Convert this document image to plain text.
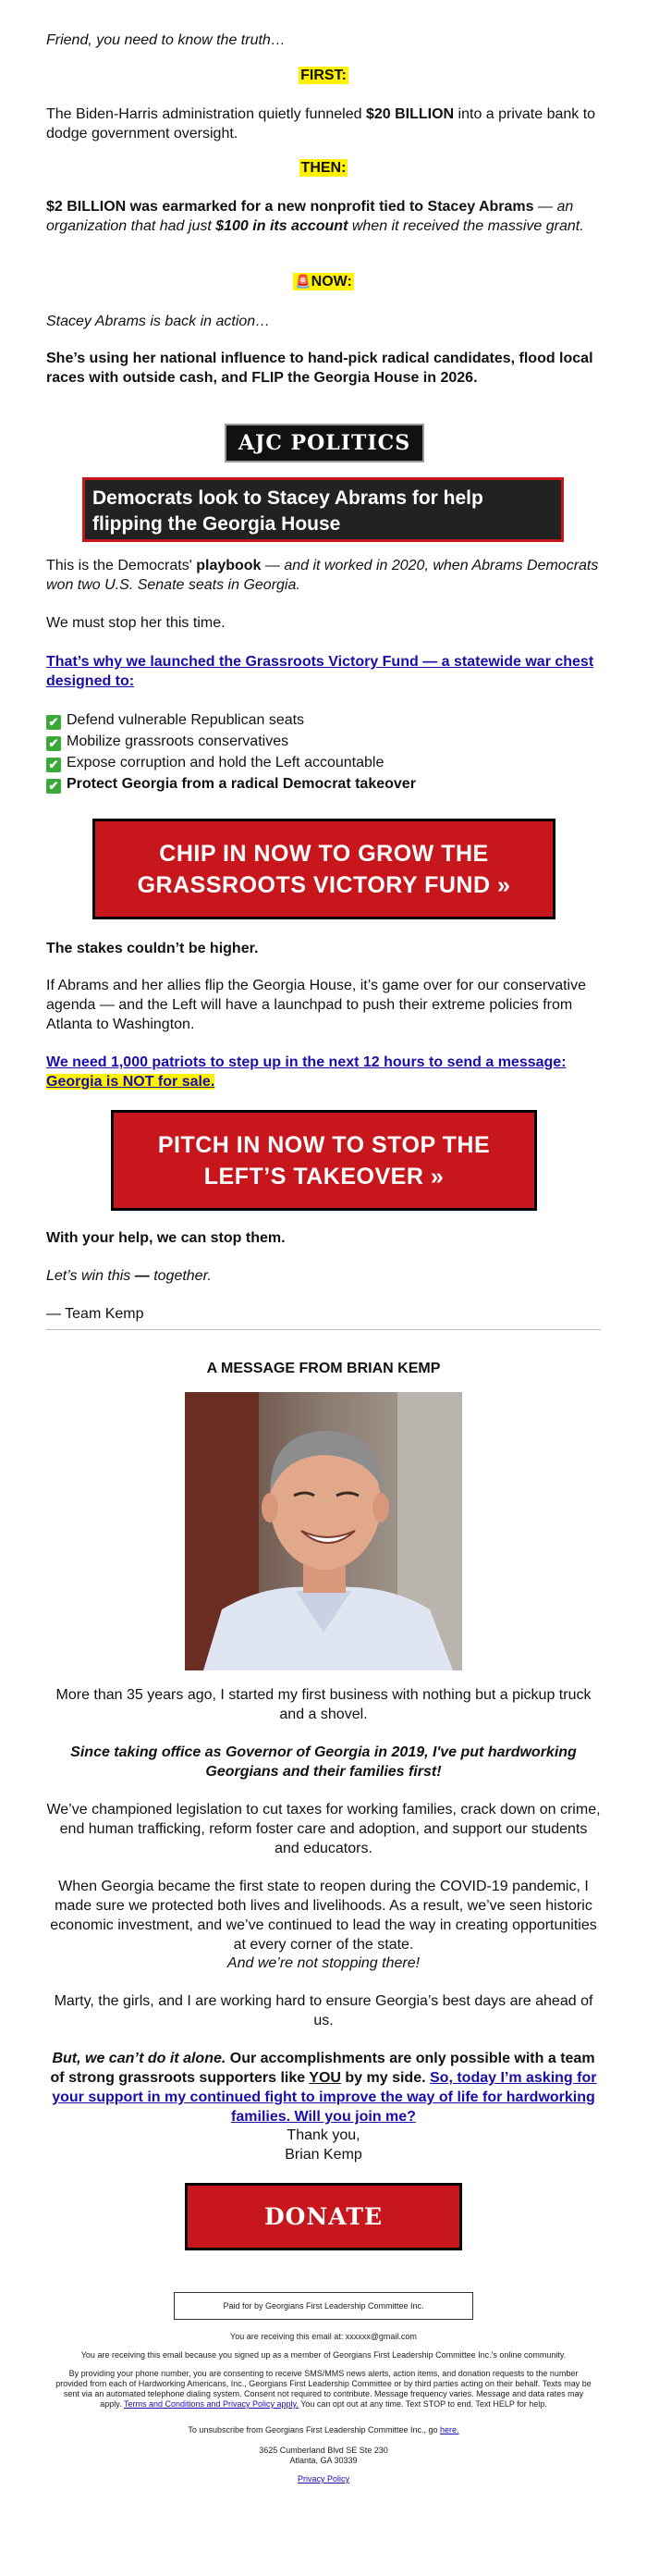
Friend, you need to know the truth…

FIRST:

The Biden-Harris administration quietly funneled $20 BILLION into a private bank to dodge government oversight.

THEN:

$2 BILLION was earmarked for a new nonprofit tied to Stacey Abrams — an organization that had just $100 in its account when it received the massive grant.

🚨NOW:

Stacey Abrams is back in action…

She’s using her national influence to hand-pick radical candidates, flood local races with outside cash, and FLIP the Georgia House in 2026.

AJC POLITICS
Democrats look to Stacey Abrams for help flipping the Georgia House

This is the Democrats' playbook — and it worked in 2020, when Abrams Democrats won two U.S. Senate seats in Georgia.

We must stop her this time.

That’s why we launched the Grassroots Victory Fund — a statewide war chest designed to:

✔ Defend vulnerable Republican seats

✔ Mobilize grassroots conservatives

✔ Expose corruption and hold the Left accountable

✔ Protect Georgia from a radical Democrat takeover

CHIP IN NOW TO GROW THE
GRASSROOTS VICTORY FUND »

The stakes couldn’t be higher.

If Abrams and her allies flip the Georgia House, it’s game over for our conservative agenda — and the Left will have a launchpad to push their extreme policies from Atlanta to Washington.

We need 1,000 patriots to step up in the next 12 hours to send a message: Georgia is NOT for sale.

PITCH IN NOW TO STOP THE
LEFT’S TAKEOVER »

With your help, we can stop them.

Let’s win this — together.

— Team Kemp

A MESSAGE FROM BRIAN KEMP

More than 35 years ago, I started my first business with nothing but a pickup truck and a shovel.

Since taking office as Governor of Georgia in 2019, I've put hardworking Georgians and their families first!

We’ve championed legislation to cut taxes for working families, crack down on crime, end human trafficking, reform foster care and adoption, and support our students and educators.

When Georgia became the first state to reopen during the COVID-19 pandemic, I made sure we protected both lives and livelihoods. As a result, we’ve seen historic economic investment, and we’ve continued to lead the way in creating opportunities at every corner of the state.

And we’re not stopping there!

Marty, the girls, and I are working hard to ensure Georgia’s best days are ahead of us.

But, we can’t do it alone. Our accomplishments are only possible with a team of strong grassroots supporters like YOU by my side. So, today I’m asking for your support in my continued fight to improve the way of life for hardworking families. Will you join me?

Thank you,

Brian Kemp

DONATE
Paid for by Georgians First Leadership Committee Inc.

You are receiving this email at: xxxxxx@gmail.com

You are receiving this email because you signed up as a member of Georgians First Leadership Committee Inc.'s online community.

By providing your phone number, you are consenting to receive SMS/MMS news alerts, action items, and donation requests to the number provided from each of Hardworking Americans, Inc., Georgians First Leadership Committee or by third parties acting on their behalf. Texts may be sent via an automated telephone dialing system. Consent not required to contribute. Message frequency varies. Message and data rates may apply. Terms and Conditions and Privacy Policy apply. You can opt out at any time. Text STOP to end. Text HELP for help.

To unsubscribe from Georgians First Leadership Committee Inc., go here.

3625 Cumberland Blvd SE Ste 230

Atlanta, GA 30339

Privacy Policy
